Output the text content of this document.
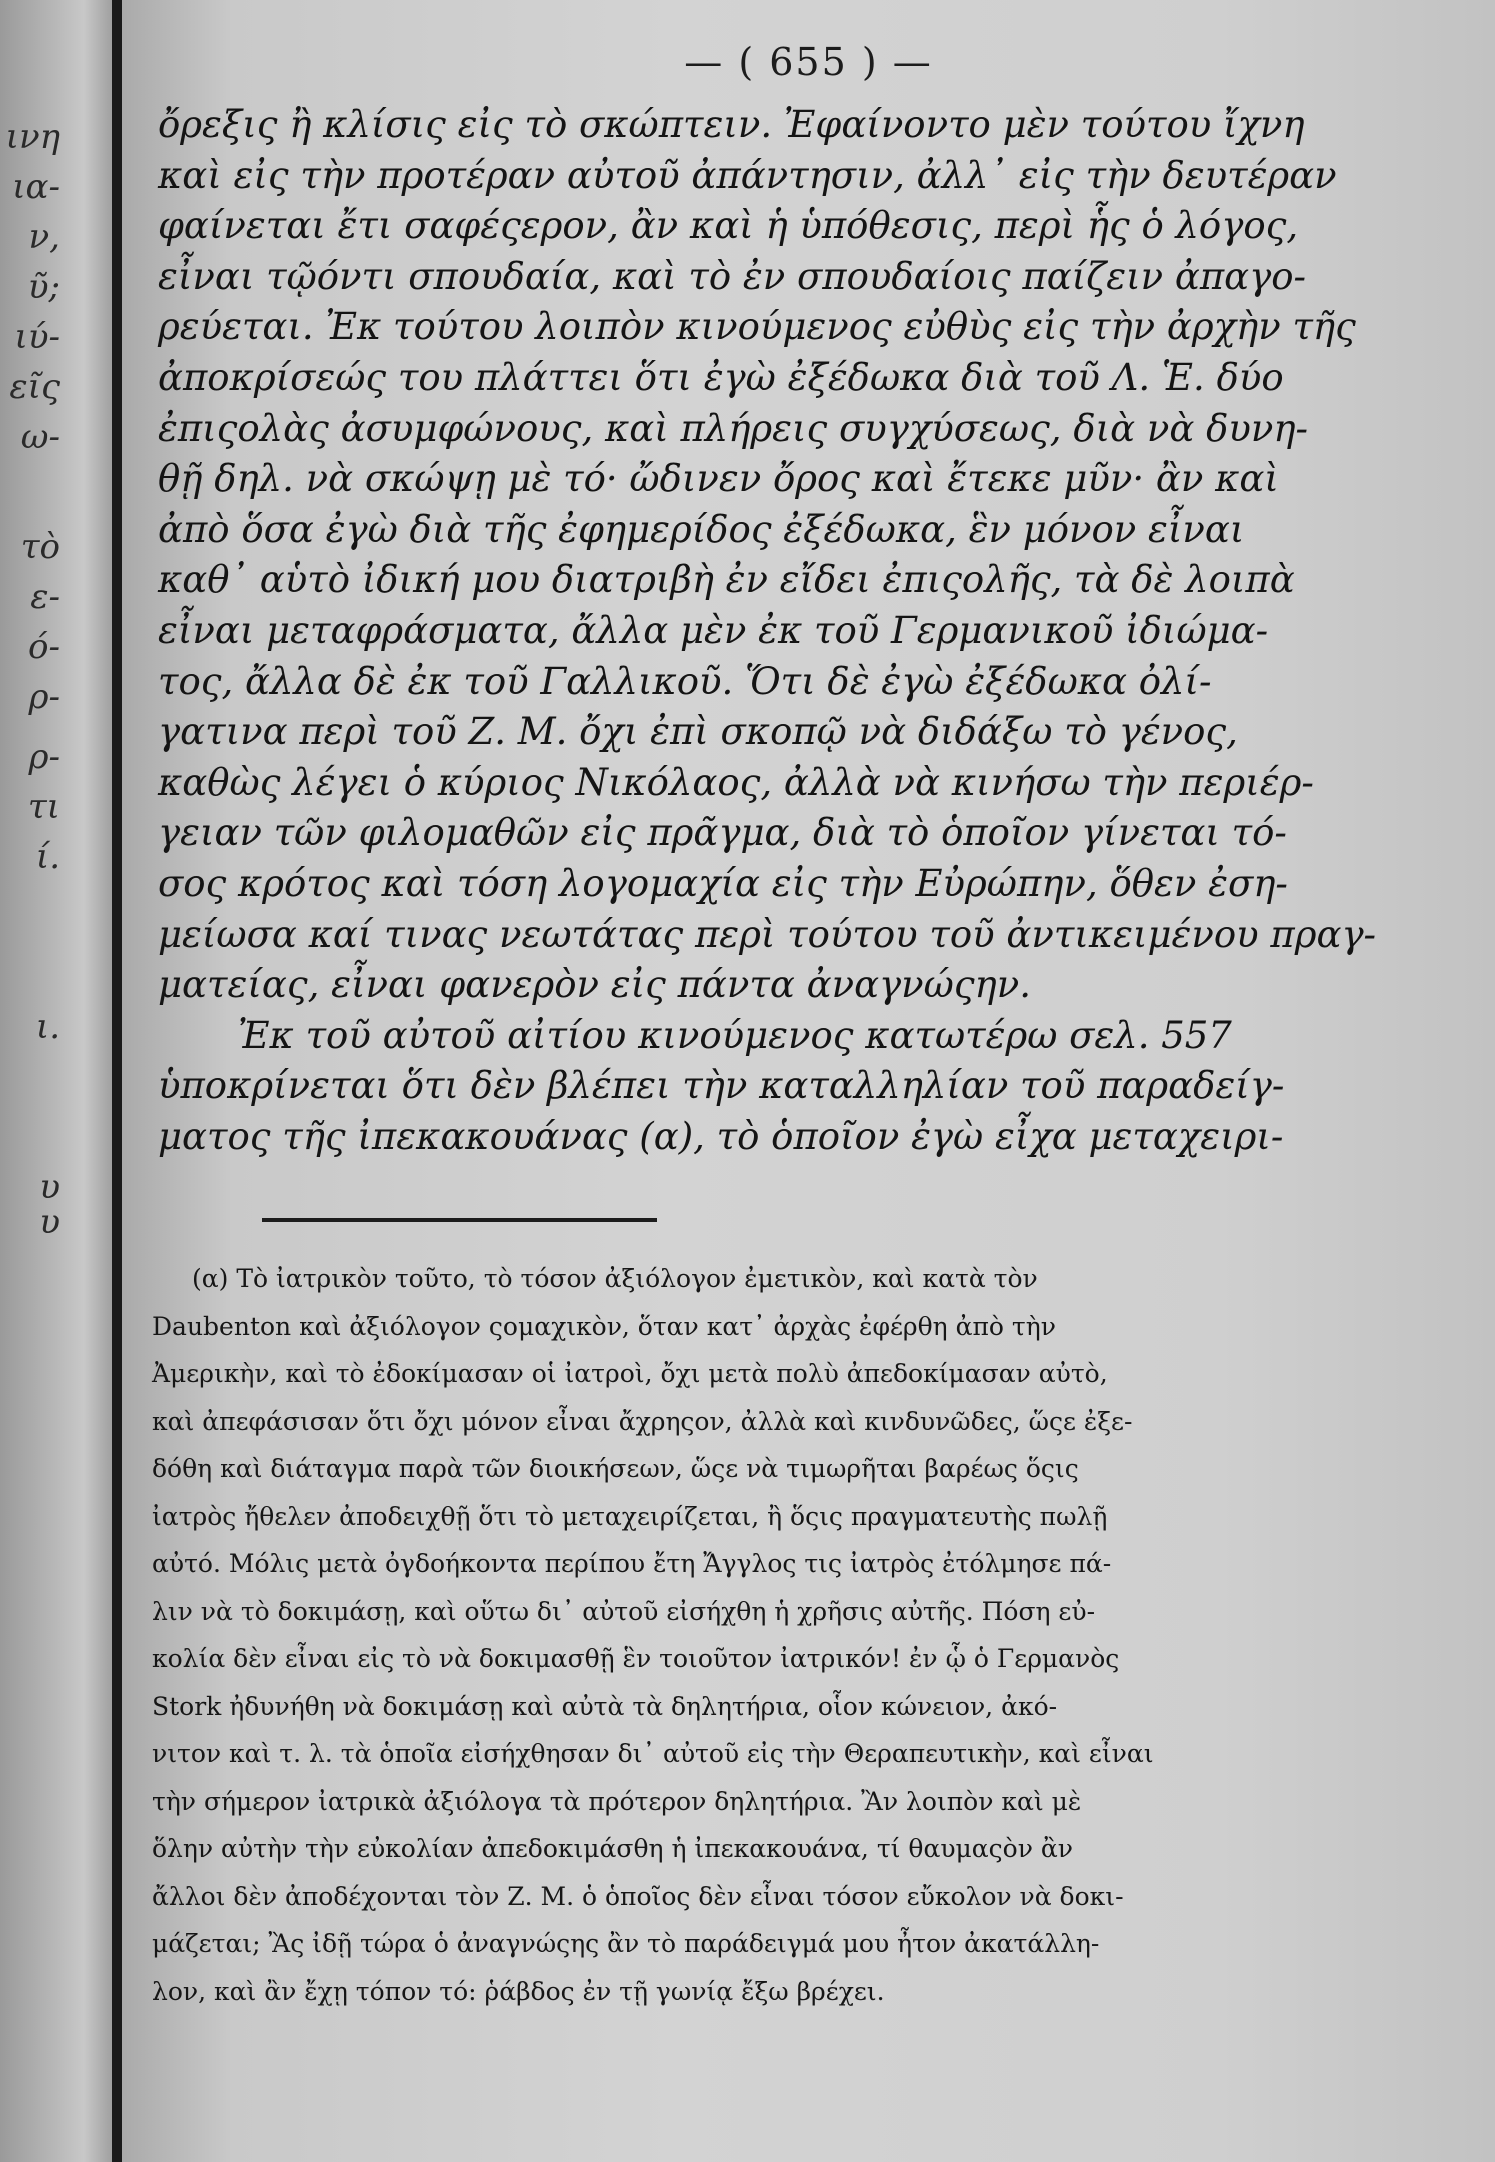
ινη
ια-
ν,
ῦ;
ιύ-
εῖς
ω-
τὸ
ε-
ό-
ρ-
ρ-
τι
ί.
ι.
υ
υ
— ( 655 ) —
ὄρεξις ἢ κλίσις εἰς τὸ σκώπτειν. Ἐφαίνοντο μὲν τούτου ἴχνη
καὶ εἰς τὴν προτέραν αὐτοῦ ἀπάντησιν, ἀλλ᾽ εἰς τὴν δευτέραν
φαίνεται ἔτι σαφέςερον, ἂν καὶ ἡ ὑπόθεσις, περὶ ἧς ὁ λόγος,
εἶναι τῷόντι σπουδαία, καὶ τὸ ἐν σπουδαίοις παίζειν ἀπαγο-
ρεύεται. Ἐκ τούτου λοιπὸν κινούμενος εὐθὺς εἰς τὴν ἀρχὴν τῆς
ἀποκρίσεώς του πλάττει ὅτι ἐγὼ ἐξέδωκα διὰ τοῦ Λ. Ἑ. δύο
ἐπιςολὰς ἀσυμφώνους, καὶ πλήρεις συγχύσεως, διὰ νὰ δυνη-
θῇ δηλ. νὰ σκώψῃ μὲ τό· ὤδινεν ὄρος καὶ ἔτεκε μῦν· ἂν καὶ
ἀπὸ ὅσα ἐγὼ διὰ τῆς ἐφημερίδος ἐξέδωκα, ἓν μόνον εἶναι
καθ᾽ αὑτὸ ἰδική μου διατριβὴ ἐν εἴδει ἐπιςολῆς, τὰ δὲ λοιπὰ
εἶναι μεταφράσματα, ἄλλα μὲν ἐκ τοῦ Γερμανικοῦ ἰδιώμα-
τος, ἄλλα δὲ ἐκ τοῦ Γαλλικοῦ. Ὅτι δὲ ἐγὼ ἐξέδωκα ὀλί-
γατινα περὶ τοῦ Ζ. Μ. ὄχι ἐπὶ σκοπῷ νὰ διδάξω τὸ γένος,
καθὼς λέγει ὁ κύριος Νικόλαος, ἀλλὰ νὰ κινήσω τὴν περιέρ-
γειαν τῶν φιλομαθῶν εἰς πρᾶγμα, διὰ τὸ ὁποῖον γίνεται τό-
σος κρότος καὶ τόση λογομαχία εἰς τὴν Εὐρώπην, ὅθεν ἐση-
μείωσα καί τινας νεωτάτας περὶ τούτου τοῦ ἀντικειμένου πραγ-
ματείας, εἶναι φανερὸν εἰς πάντα ἀναγνώςην.
Ἐκ τοῦ αὐτοῦ αἰτίου κινούμενος κατωτέρω σελ. 557
ὑποκρίνεται ὅτι δὲν βλέπει τὴν καταλληλίαν τοῦ παραδείγ-
ματος τῆς ἰπεκακουάνας (α), τὸ ὁποῖον ἐγὼ εἶχα μεταχειρι-
(α) Τὸ ἰατρικὸν τοῦτο, τὸ τόσον ἀξιόλογον ἐμετικὸν, καὶ κατὰ τὸν
Daubenton καὶ ἀξιόλογον ςομαχικὸν, ὅταν κατ᾽ ἀρχὰς ἐφέρθη ἀπὸ τὴν
Ἀμερικὴν, καὶ τὸ ἐδοκίμασαν οἱ ἰατροὶ, ὄχι μετὰ πολὺ ἀπεδοκίμασαν αὐτὸ,
καὶ ἀπεφάσισαν ὅτι ὄχι μόνον εἶναι ἄχρηςον, ἀλλὰ καὶ κινδυνῶδες, ὥςε ἐξε-
δόθη καὶ διάταγμα παρὰ τῶν διοικήσεων, ὥςε νὰ τιμωρῆται βαρέως ὅςις
ἰατρὸς ἤθελεν ἀποδειχθῇ ὅτι τὸ μεταχειρίζεται, ἢ ὅςις πραγματευτὴς πωλῇ
αὐτό. Μόλις μετὰ ὀγδοήκοντα περίπου ἔτη Ἄγγλος τις ἰατρὸς ἐτόλμησε πά-
λιν νὰ τὸ δοκιμάσῃ, καὶ οὕτω δι᾽ αὐτοῦ εἰσήχθη ἡ χρῆσις αὐτῆς. Πόση εὐ-
κολία δὲν εἶναι εἰς τὸ νὰ δοκιμασθῇ ἓν τοιοῦτον ἰατρικόν! ἐν ᾧ ὁ Γερμανὸς
Stork ἠδυνήθη νὰ δοκιμάσῃ καὶ αὐτὰ τὰ δηλητήρια, οἷον κώνειον, ἀκό-
νιτον καὶ τ. λ. τὰ ὁποῖα εἰσήχθησαν δι᾽ αὐτοῦ εἰς τὴν Θεραπευτικὴν, καὶ εἶναι
τὴν σήμερον ἰατρικὰ ἀξιόλογα τὰ πρότερον δηλητήρια. Ἂν λοιπὸν καὶ μὲ
ὅλην αὐτὴν τὴν εὐκολίαν ἀπεδοκιμάσθη ἡ ἰπεκακουάνα, τί θαυμαςὸν ἂν
ἄλλοι δὲν ἀποδέχονται τὸν Ζ. Μ. ὁ ὁποῖος δὲν εἶναι τόσον εὔκολον νὰ δοκι-
μάζεται; Ἂς ἰδῇ τώρα ὁ ἀναγνώςης ἂν τὸ παράδειγμά μου ἦτον ἀκατάλλη-
λον, καὶ ἂν ἔχῃ τόπον τό: ῥάβδος ἐν τῇ γωνίᾳ ἔξω βρέχει.
